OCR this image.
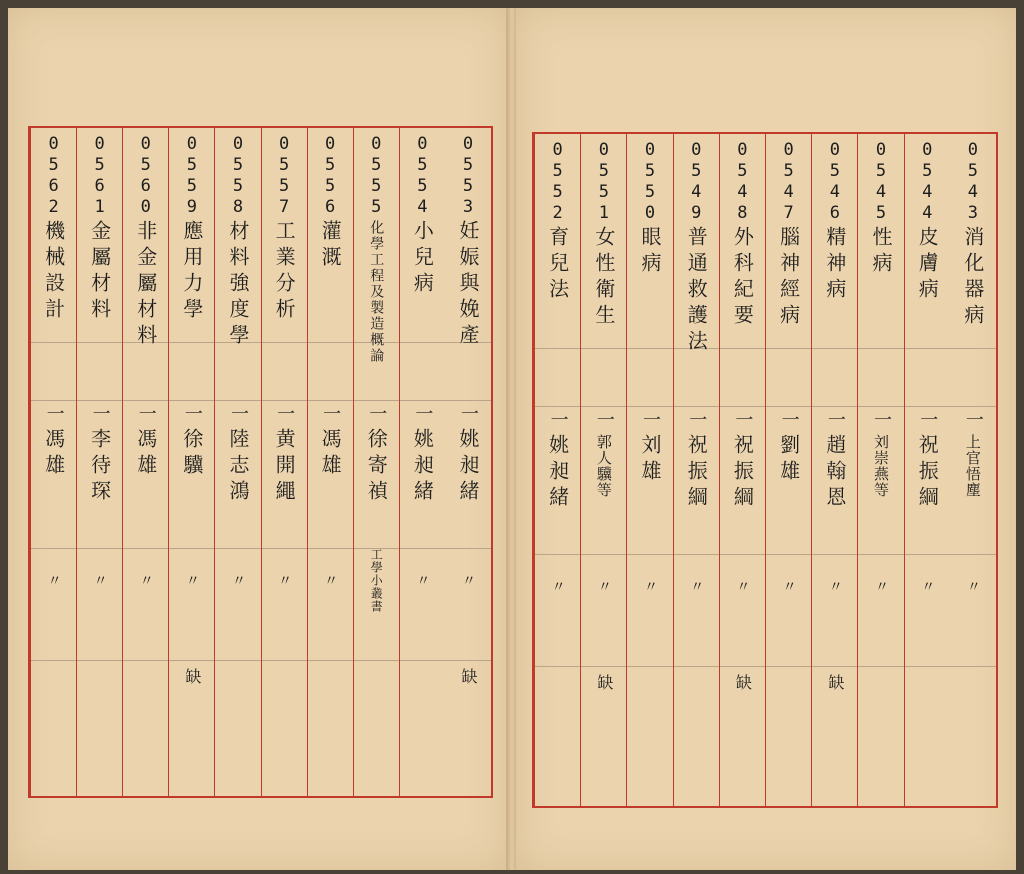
0553
妊娠與娩產
一
姚昶緒
〃
缺
0554
小兒病
一
姚昶緒
〃
0555
化學工程及製造概論
一
徐寄禎
工學小叢書
0556
灌溉
一
馮雄
〃
0557
工業分析
一
黄開繩
〃
0558
材料強度學
一
陸志鴻
〃
0559
應用力學
一
徐驥
〃
缺
0560
非金屬材料
一
馮雄
〃
0561
金屬材料
一
李待琛
〃
0562
機械設計
一
馮雄
〃
0543
消化器病
一
上官悟塵
〃
0544
皮膚病
一
祝振綱
〃
0545
性病
一
刘崇燕等
〃
0546
精神病
一
趙翰恩
〃
缺
0547
腦神經病
一
劉雄
〃
0548
外科紀要
一
祝振綱
〃
缺
0549
普通救護法
一
祝振綱
〃
0550
眼病
一
刘雄
〃
0551
女性衛生
一
郭人驥等
〃
缺
0552
育兒法
一
姚昶緒
〃
